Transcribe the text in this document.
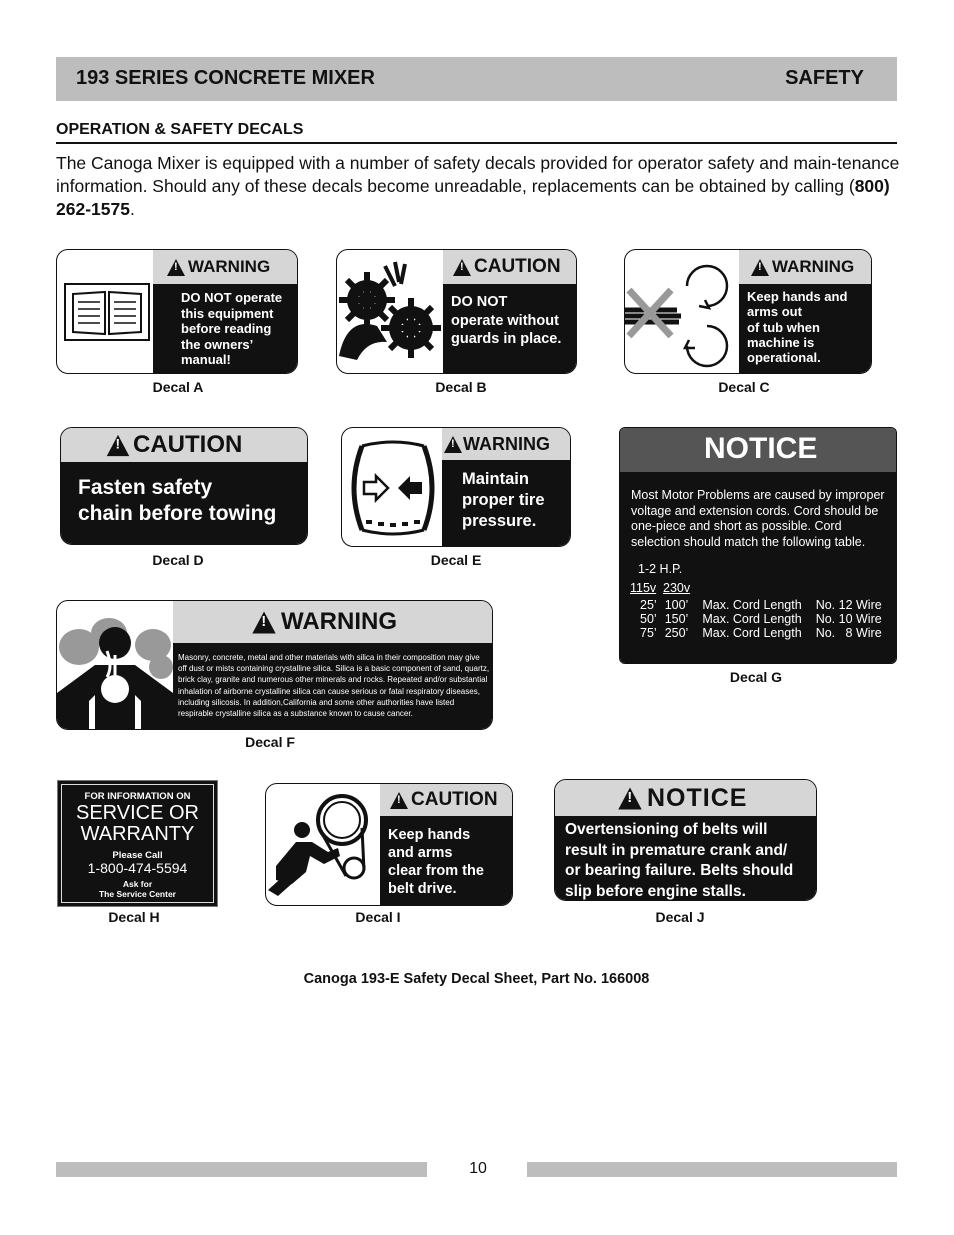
193 SERIES CONCRETE MIXER	SAFETY
OPERATION & SAFETY DECALS

The Canoga Mixer is equipped with a number of safety decals provided for operator safety and main-tenance information. Should any of these decals become unreadable, replacements can be obtained by calling (800) 262-1575.

!
WARNING
DO NOT operate
this equipment
before reading
the owners’
manual!
Decal A
!
CAUTION
DO NOT
operate without
guards in place.
Decal B
!
WARNING
Keep hands and
arms out
of tub when
machine is
operational.
Decal C
!
CAUTION
Fasten safety
chain before towing
Decal D
!
WARNING
Maintain
proper tire
pressure.
Decal E
NOTICE
Most Motor Problems are caused by improper voltage and extension cords. Cord should be one-piece and short as possible. Cord selection should match the following table.
1-2 H.P.
115v 230v
25’	100’	Max. Cord Length	No. 12 Wire
50’	150’	Max. Cord Length	No. 10 Wire
75’	250’	Max. Cord Length	No.   8 Wire
Decal G
!
WARNING
Masonry, concrete, metal and other materials with silica in their composition may give off dust or mists containing crystalline silica. Silica is a basic component of sand, quartz, brick clay, granite and numerous other minerals and rocks. Repeated and/or substantial inhalation of airborne crystalline silica can cause serious or fatal respiratory diseases, including silicosis. In addition,California and some other authorities have listed respirable crystalline silica as a substance known to cause cancer.
Decal F
FOR INFORMATION ON
SERVICE OR
WARRANTY
Please Call
1-800-474-5594
Ask for
The Service Center
Decal H
!
CAUTION
Keep hands
and arms
clear from the
belt drive.
Decal I
!
NOTICE
Overtensioning of belts will
result in premature crank and/
or bearing failure. Belts should
slip before engine stalls.
Decal J
Canoga 193-E Safety Decal Sheet, Part No. 166008
10
